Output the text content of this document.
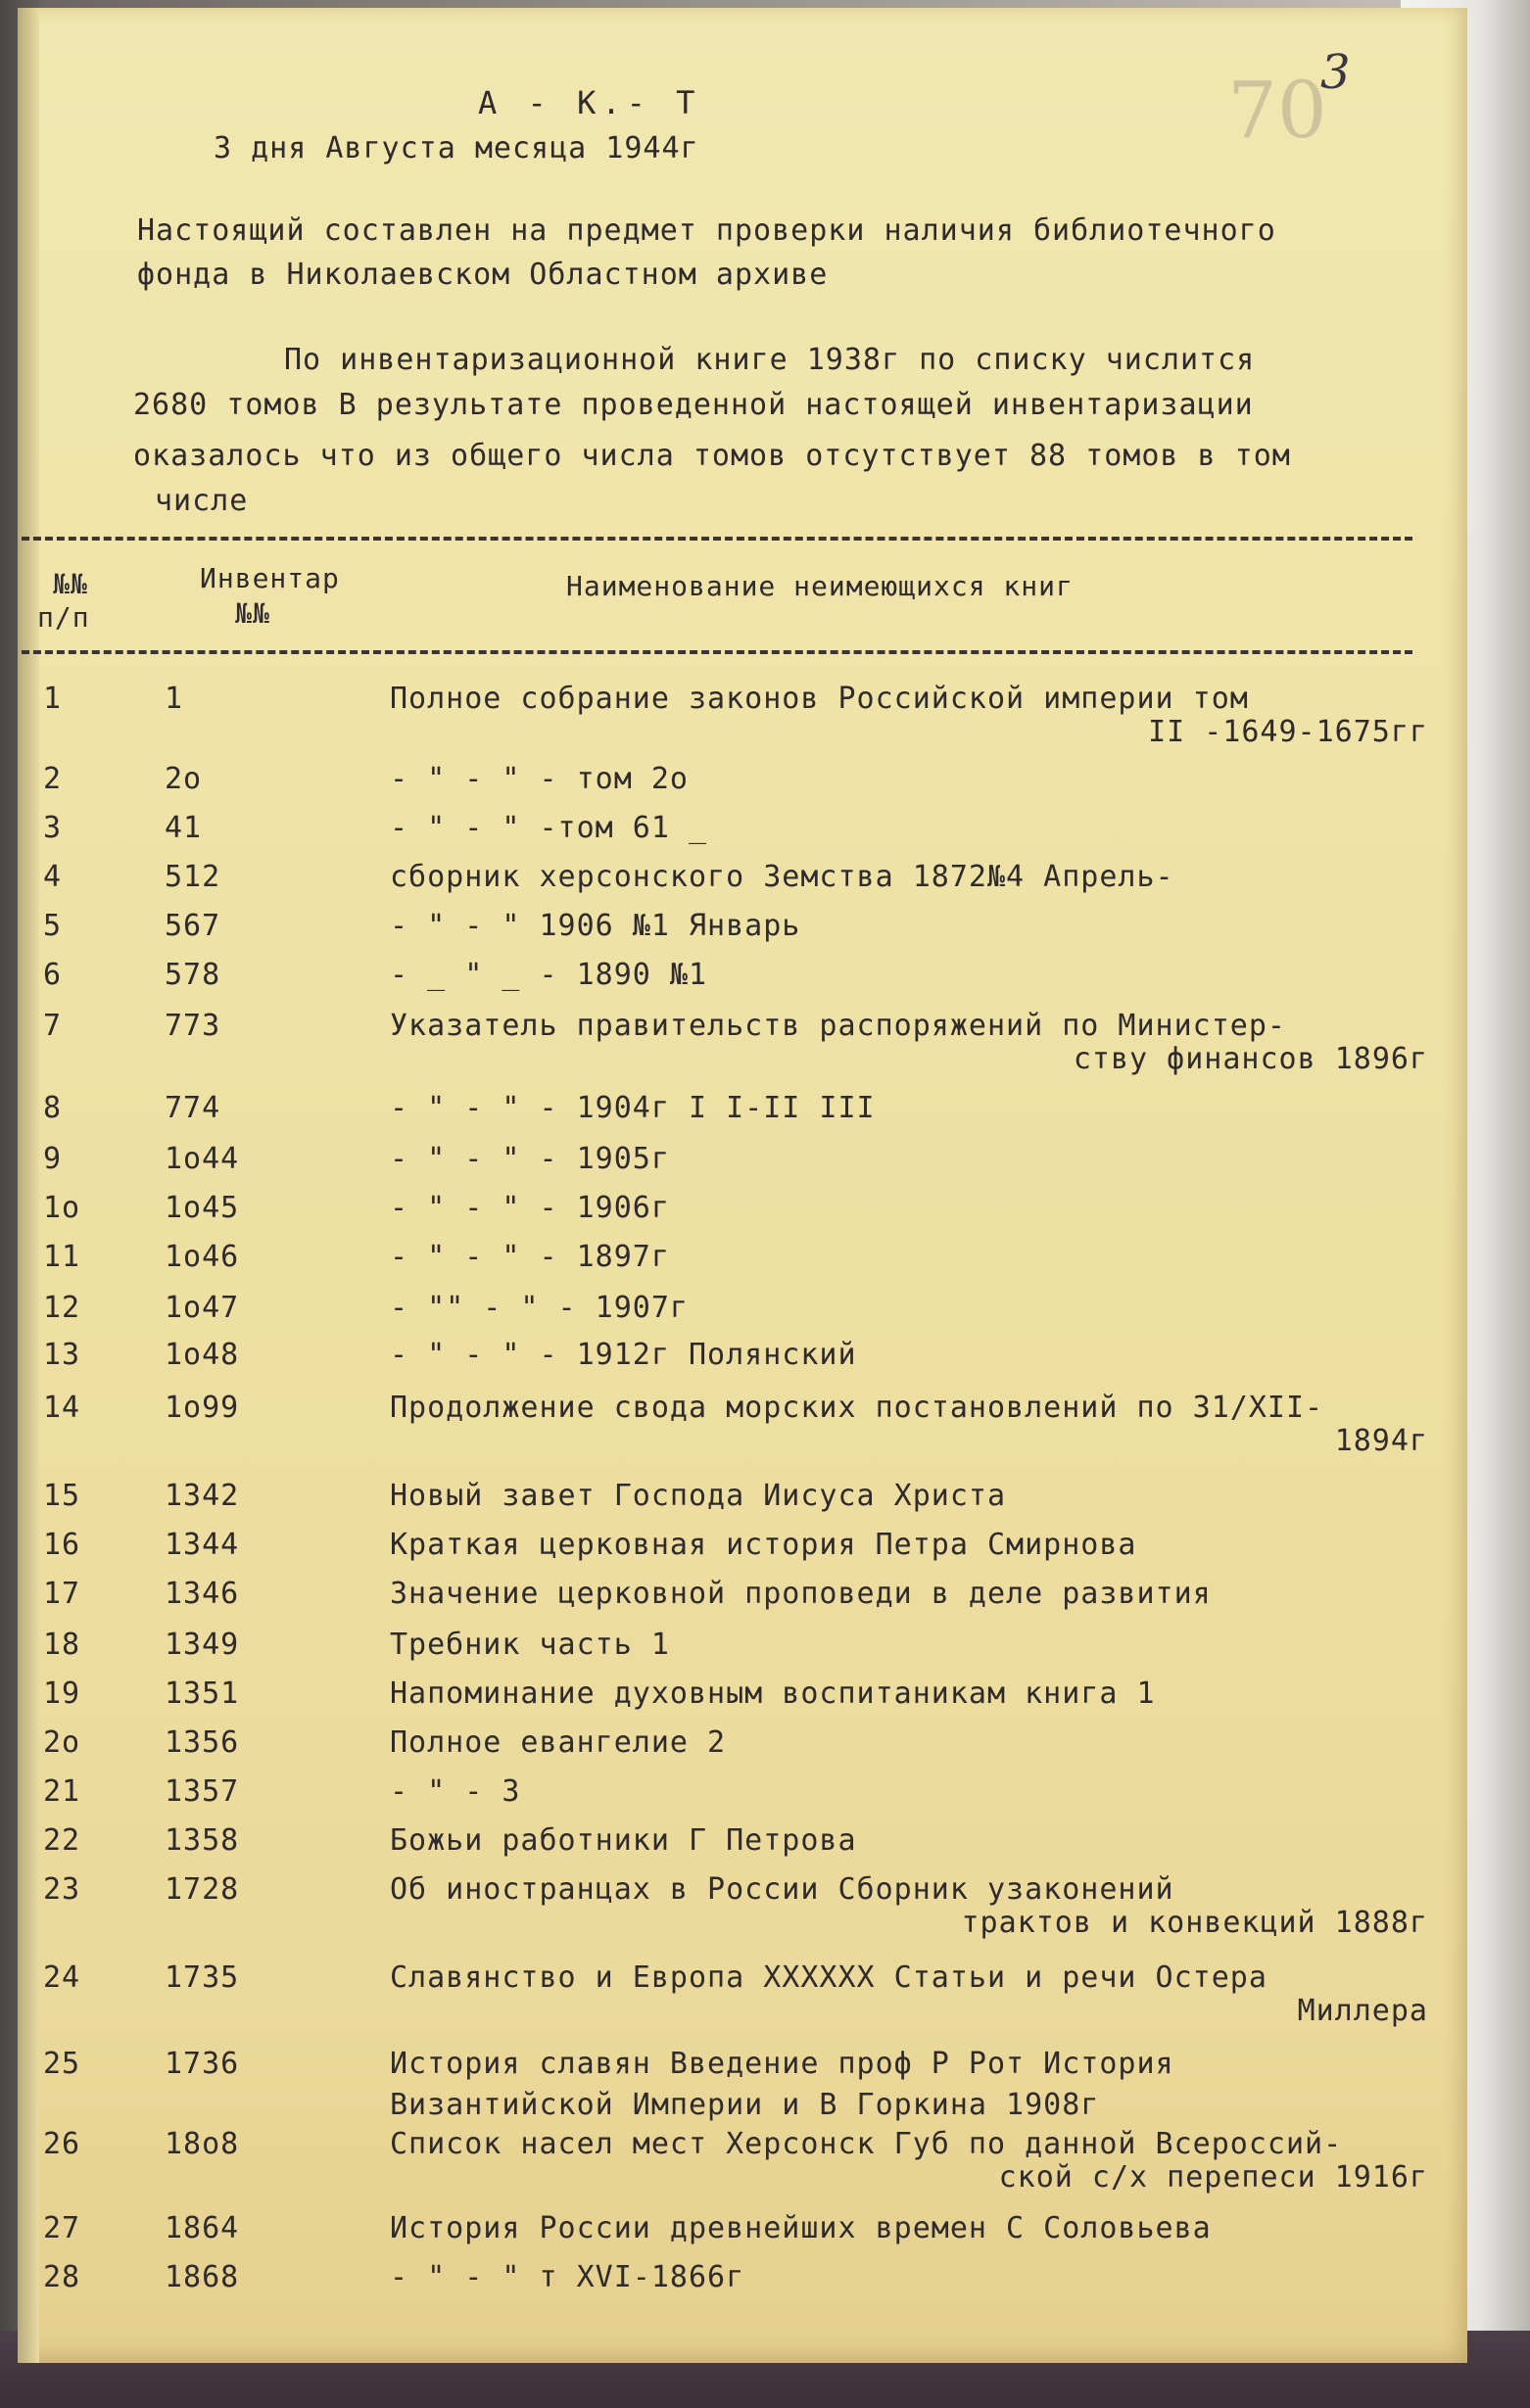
70
3
А - К.- Т
3 дня Августа месяца 1944г
Настоящий составлен на предмет проверки наличия библиотечного
фонда в Николаевском Областном архиве
По инвентаризационной книге 1938г по списку числится
2680 томов В результате проведенной настоящей инвентаризации
оказалось что из общего числа томов отсутствует 88 томов в том
числе
№№
п/п
Инвентар
№№
Наименование неимеющихся книг
1	1	Полное собрание законов Российской империи том
II -1649-1675гг
2	2о	- " - " - том 2о
3	41	- " - " -том 61 _
4	512	сборник херсонского Земства 1872№4 Апрель-
5	567	- " - " 1906 №1 Январь
6	578	- _ " _ - 1890 №1
7	773	Указатель правительств распоряжений по Министер-
ству финансов 1896г
8	774	- " - " - 1904г I I-II III
9	1о44	- " - " - 1905г
1о	1о45	- " - " - 1906г
11	1о46	- " - " - 1897г
12	1о47	- "" - " - 1907г
13	1о48	- " - " - 1912г Полянский
14	1о99	Продолжение свода морских постановлений по 31/XII-
1894г
15	1342	Новый завет Господа Иисуса Христа
16	1344	Краткая церковная история Петра Смирнова
17	1346	Значение церковной проповеди в деле развития
18	1349	Требник часть 1
19	1351	Напоминание духовным воспитаникам книга 1
2о	1356	Полное евангелие 2
21	1357	- " - 3
22	1358	Божьи работники Г Петрова
23	1728	Об иностранцах в России Сборник узаконений
трактов и конвекций 1888г
24	1735	Славянство и Европа ХХХХХХ Статьи и речи Остера
Миллера
25	1736	История славян Введение проф Р Рот История
Византийской Империи и В Горкина 1908г
26	18о8	Список насел мест Херсонск Губ по данной Всероссий-
ской с/х перепеси 1916г
27	1864	История России древнейших времен С Соловьева
28	1868	- " - " т XVI-1866г
